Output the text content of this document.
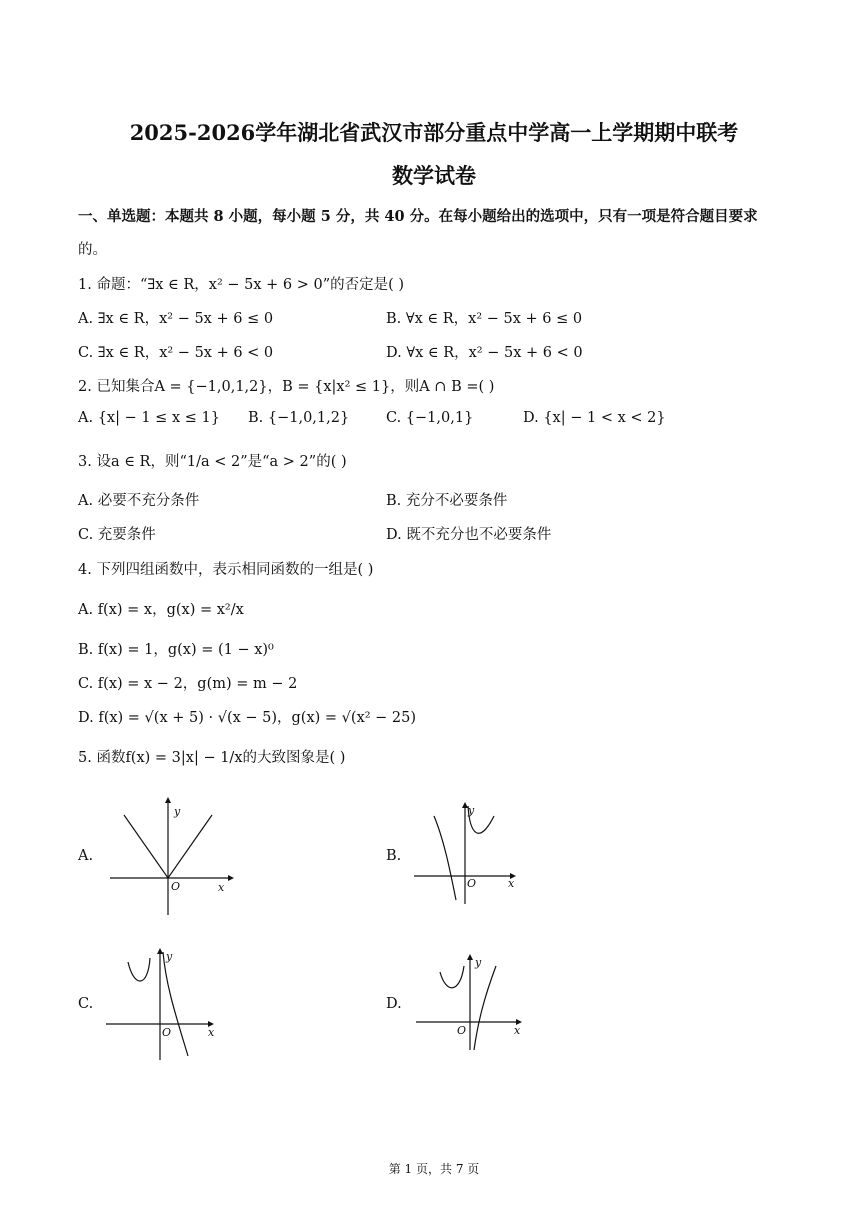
2025-2026学年湖北省武汉市部分重点中学高一上学期期中联考
数学试卷
一、单选题：本题共 8 小题，每小题 5 分，共 40 分。在每小题给出的选项中，只有一项是符合题目要求
的。
1. 命题：“∃x ∈ R，x² − 5x + 6 > 0”的否定是( )
A. ∃x ∈ R，x² − 5x + 6 ≤ 0	B. ∀x ∈ R，x² − 5x + 6 ≤ 0
C. ∃x ∈ R，x² − 5x + 6 < 0	D. ∀x ∈ R，x² − 5x + 6 < 0
2. 已知集合A = {−1,0,1,2}，B = {x|x² ≤ 1}，则A ∩ B =( )
A. {x| − 1 ≤ x ≤ 1} B. {−1,0,1,2}	C. {−1,0,1}	D. {x| − 1 < x < 2}
3. 设a ∈ R，则“1/a < 2”是“a > 2”的( )
A. 必要不充分条件	B. 充分不必要条件
C. 充要条件	D. 既不充分也不必要条件
4. 下列四组函数中，表示相同函数的一组是( )
A. f(x) = x，g(x) = x²/x
B. f(x) = 1，g(x) = (1 − x)⁰
C. f(x) = x − 2，g(m) = m − 2
D. f(x) = √(x + 5) · √(x − 5)，g(x) = √(x² − 25)
5. 函数f(x) = 3|x| − 1/x的大致图象是( )
A.
y
x
O
B.
y
x
O
C.
y
x
O
D.
y
x
O
第 1 页，共 7 页
